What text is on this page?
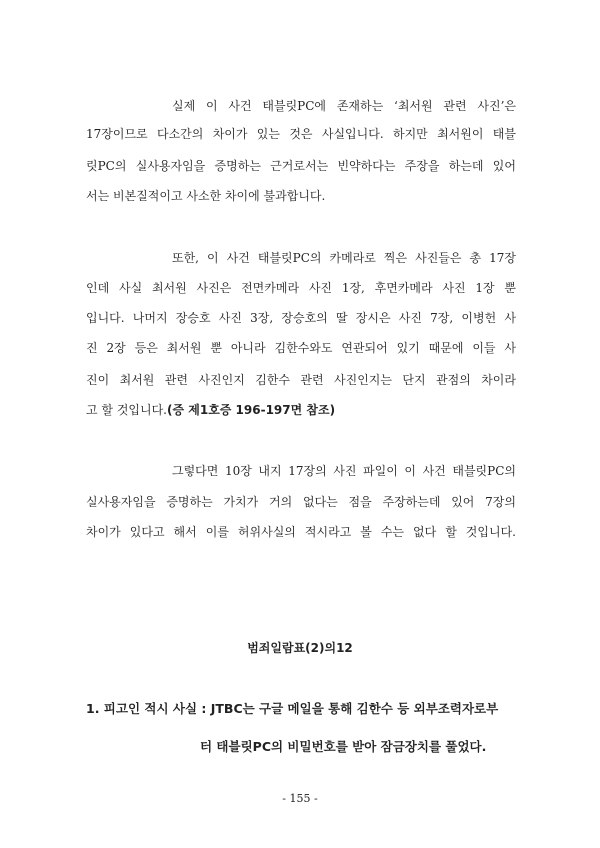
실제 이 사건 태블릿PC에 존재하는 ‘최서원 관련 사진’은
17장이므로 다소간의 차이가 있는 것은 사실입니다. 하지만 최서원이 태블
릿PC의 실사용자임을 증명하는 근거로서는 빈약하다는 주장을 하는데 있어
서는 비본질적이고 사소한 차이에 불과합니다.
또한, 이 사건 태블릿PC의 카메라로 찍은 사진들은 총 17장
인데 사실 최서원 사진은 전면카메라 사진 1장, 후면카메라 사진 1장 뿐
입니다. 나머지 장승호 사진 3장, 장승호의 딸 장시은 사진 7장, 이병헌 사
진 2장 등은 최서원 뿐 아니라 김한수와도 연관되어 있기 때문에 이들 사
진이 최서원 관련 사진인지 김한수 관련 사진인지는 단지 관점의 차이라
고 할 것입니다.(증 제1호증 196-197면 참조)
그렇다면 10장 내지 17장의 사진 파일이 이 사건 태블릿PC의
실사용자임을 증명하는 가치가 거의 없다는 점을 주장하는데 있어 7장의
차이가 있다고 해서 이를 허위사실의 적시라고 볼 수는 없다 할 것입니다.
범죄일람표(2)의12
1. 피고인 적시 사실 : JTBC는 구글 메일을 통해 김한수 등 외부조력자로부
터 태블릿PC의 비밀번호를 받아 잠금장치를 풀었다.
- 155 -
